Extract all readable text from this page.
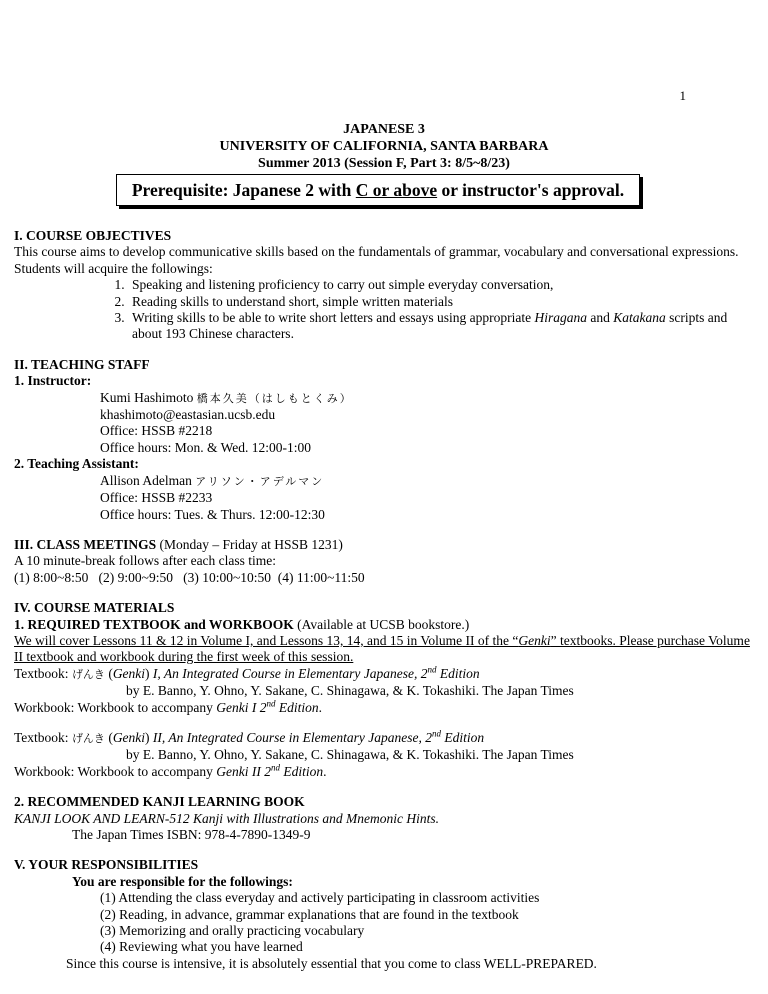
1
JAPANESE 3
UNIVERSITY OF CALIFORNIA, SANTA BARBARA
Summer 2013 (Session F, Part 3: 8/5~8/23)
Prerequisite: Japanese 2 with C or above or instructor's approval.
I. COURSE OBJECTIVES
This course aims to develop communicative skills based on the fundamentals of grammar, vocabulary and conversational expressions. Students will acquire the followings:
1. Speaking and listening proficiency to carry out simple everyday conversation,
2. Reading skills to understand short, simple written materials
3. Writing skills to be able to write short letters and essays using appropriate Hiragana and Katakana scripts and about 193 Chinese characters.
II. TEACHING STAFF
1. Instructor:
Kumi Hashimoto 橋本久美（はしもとくみ）
khashimoto@eastasian.ucsb.edu
Office: HSSB #2218
Office hours: Mon. & Wed. 12:00-1:00
2. Teaching Assistant:
Allison Adelman アリソン・アデルマン
Office: HSSB #2233
Office hours: Tues. & Thurs. 12:00-12:30
III. CLASS MEETINGS (Monday – Friday at HSSB 1231)
A 10 minute-break follows after each class time:
(1) 8:00~8:50   (2) 9:00~9:50   (3) 10:00~10:50  (4) 11:00~11:50
IV. COURSE MATERIALS
1. REQUIRED TEXTBOOK and WORKBOOK (Available at UCSB bookstore.)
We will cover Lessons 11 & 12 in Volume I, and Lessons 13, 14, and 15 in Volume II of the “Genki” textbooks. Please purchase Volume II textbook and workbook during the first week of this session.
Textbook: げんき (Genki) I, An Integrated Course in Elementary Japanese, 2nd Edition
by E. Banno, Y. Ohno, Y. Sakane, C. Shinagawa, & K. Tokashiki. The Japan Times
Workbook: Workbook to accompany Genki I 2nd Edition.
Textbook: げんき (Genki) II, An Integrated Course in Elementary Japanese, 2nd Edition
by E. Banno, Y. Ohno, Y. Sakane, C. Shinagawa, & K. Tokashiki. The Japan Times
Workbook: Workbook to accompany Genki II 2nd Edition.
2. RECOMMENDED KANJI LEARNING BOOK
KANJI LOOK AND LEARN-512 Kanji with Illustrations and Mnemonic Hints.
The Japan Times ISBN: 978-4-7890-1349-9
V. YOUR RESPONSIBILITIES
You are responsible for the followings:
(1) Attending the class everyday and actively participating in classroom activities
(2) Reading, in advance, grammar explanations that are found in the textbook
(3) Memorizing and orally practicing vocabulary
(4) Reviewing what you have learned
Since this course is intensive, it is absolutely essential that you come to class WELL-PREPARED.
